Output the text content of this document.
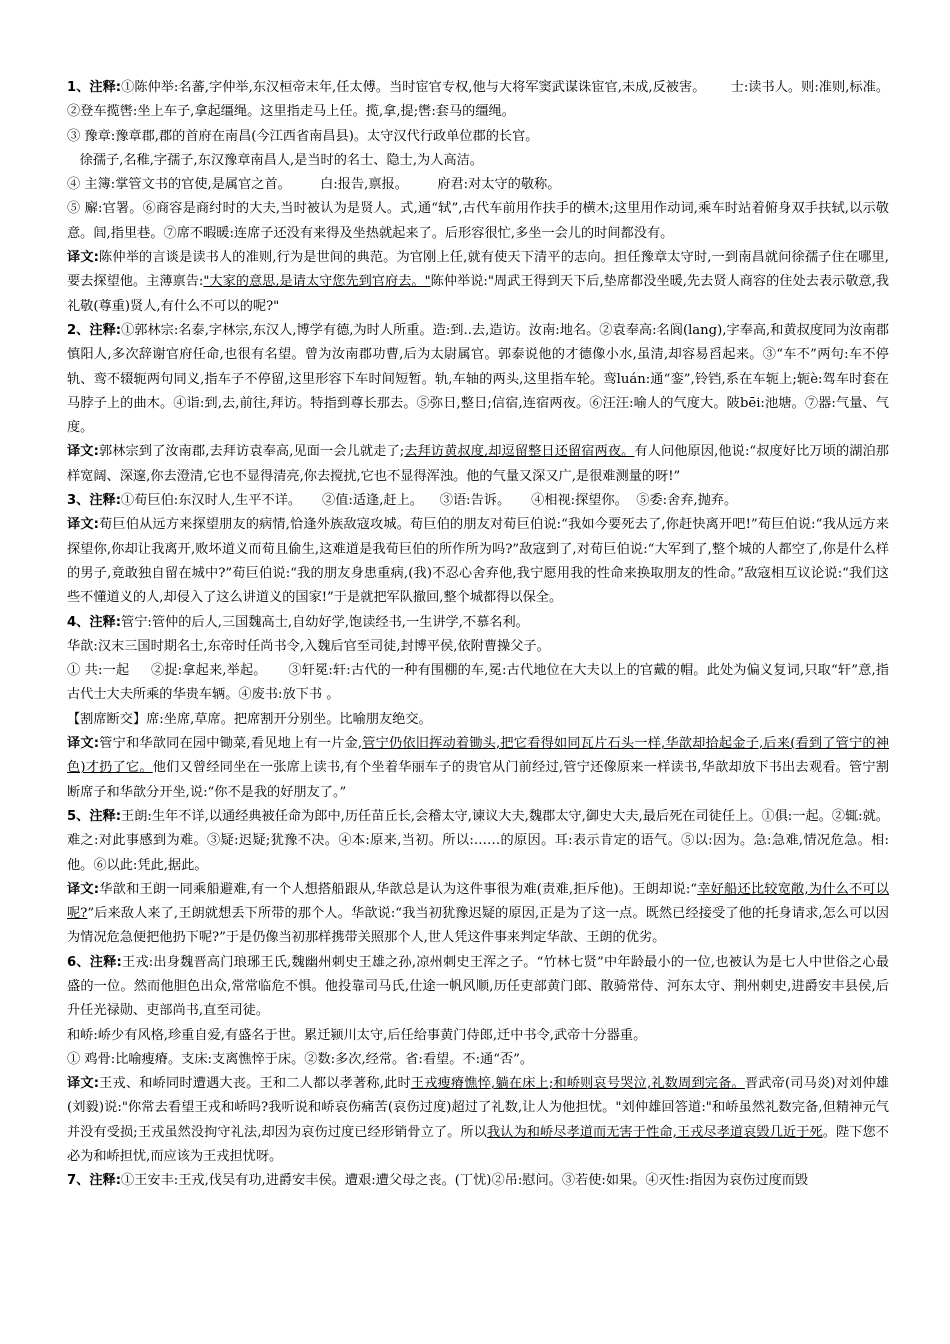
1、注释:①陈仲举:名蕃,字仲举,东汉桓帝末年,任太傅。当时宦官专权,他与大将军窦武谋诛宦官,未成,反被害。      士:读书人。则:准则,标准。②登车揽辔:坐上车子,拿起缰绳。这里指走马上任。揽,拿,提;辔:套马的缰绳。

③ 豫章:豫章郡,郡的首府在南昌(今江西省南昌县)。太守汉代行政单位郡的长官。

徐孺子,名稚,字孺子,东汉豫章南昌人,是当时的名士、隐士,为人高洁。

④ 主簿:掌管文书的官使,是属官之首。       白:报告,禀报。       府君:对太守的敬称。

⑤ 廨:官署。⑥商容是商纣时的大夫,当时被认为是贤人。式,通“轼”,古代车前用作扶手的横木;这里用作动词,乘车时站着俯身双手扶轼,以示敬意。闾,指里巷。⑦席不暇暖:连席子还没有来得及坐热就起来了。后形容很忙,多坐一会儿的时间都没有。

译文:陈仲举的言谈是读书人的准则,行为是世间的典范。为官刚上任,就有使天下清平的志向。担任豫章太守时,一到南昌就问徐孺子住在哪里,要去探望他。主薄禀告:"大家的意思,是请太守您先到官府去。"陈仲举说:"周武王得到天下后,垫席都没坐暖,先去贤人商容的住处去表示敬意,我礼敬(尊重)贤人,有什么不可以的呢?"

2、注释:①郭林宗:名泰,字林宗,东汉人,博学有德,为时人所重。造:到..去,造访。汝南:地名。②袁奉高:名阆(lang),字奉高,和黄叔度同为汝南郡慎阳人,多次辞谢官府任命,也很有名望。曾为汝南郡功曹,后为太尉属官。郭泰说他的才德像小水,虽清,却容易舀起来。③“车不”两句:车不停轨、鸾不辍轭两句同义,指车子不停留,这里形容下车时间短暂。轨,车轴的两头,这里指车轮。鸾luán:通“銮”,铃铛,系在车轭上;轭è:驾车时套在马脖子上的曲木。④诣:到,去,前往,拜访。特指到尊长那去。⑤弥日,整日;信宿,连宿两夜。⑥汪汪:喻人的气度大。陂bēi:池塘。⑦器:气量、气度。

译文:郭林宗到了汝南郡,去拜访袁奉高,见面一会儿就走了;去拜访黄叔度,却逗留整日还留宿两夜。有人问他原因,他说:“叔度好比万顷的湖泊那样宽阔、深邃,你去澄清,它也不显得清亮,你去搅扰,它也不显得浑浊。他的气量又深又广,是很难测量的呀!”

3、注释:①荀巨伯:东汉时人,生平不详。     ②值:适逢,赶上。    ③语:告诉。     ④相视:探望你。  ⑤委:舍弃,抛弃。

译文:荀巨伯从远方来探望朋友的病情,恰逢外族敌寇攻城。荀巨伯的朋友对荀巨伯说:“我如今要死去了,你赶快离开吧!”荀巨伯说:“我从远方来探望你,你却让我离开,败坏道义而荀且偷生,这难道是我荀巨伯的所作所为吗?”敌寇到了,对荀巨伯说:“大军到了,整个城的人都空了,你是什么样的男子,竟敢独自留在城中?”荀巨伯说:“我的朋友身患重病,(我)不忍心舍弃他,我宁愿用我的性命来换取朋友的性命。”敌寇相互议论说:“我们这些不懂道义的人,却侵入了这么讲道义的国家!”于是就把军队撤回,整个城都得以保全。

4、注释:管宁:管仲的后人,三国魏高士,自幼好学,饱读经书,一生讲学,不慕名利。

华歆:汉末三国时期名士,东帝时任尚书令,入魏后官至司徒,封博平侯,依附曹操父子。

① 共:一起     ②捉:拿起来,举起。     ③轩冕:轩:古代的一种有围棚的车,冕:古代地位在大夫以上的官戴的帽。此处为偏义复词,只取“轩”意,指古代士大夫所乘的华贵车辆。④废书:放下书 。

【割席断交】席:坐席,草席。把席割开分别坐。比喻朋友绝交。

译文:管宁和华歆同在园中锄菜,看见地上有一片金,管宁仍依旧挥动着锄头,把它看得如同瓦片石头一样,华歆却拾起金子,后来(看到了管宁的神色)才扔了它。他们又曾经同坐在一张席上读书,有个坐着华丽车子的贵官从门前经过,管宁还像原来一样读书,华歆却放下书出去观看。管宁割断席子和华歆分开坐,说:“你不是我的好朋友了。”

5、注释:王朗:生年不详,以通经典被任命为郎中,历任苗丘长,会稽太守,谏议大夫,魏郡太守,御史大夫,最后死在司徒任上。①俱:一起。②辄:就。难之:对此事感到为难。③疑:迟疑;犹豫不决。④本:原来,当初。所以:……的原因。耳:表示肯定的语气。⑤以:因为。急:急难,情况危急。相:他。⑥以此:凭此,据此。

译文:华歆和王朗一同乘船避难,有一个人想搭船跟从,华歆总是认为这件事很为难(责难,拒斥他)。王朗却说:“幸好船还比较宽敞,为什么不可以呢?”后来敌人来了,王朗就想丢下所带的那个人。华歆说:“我当初犹豫迟疑的原因,正是为了这一点。既然已经接受了他的托身请求,怎么可以因为情况危急便把他扔下呢?”于是仍像当初那样携带关照那个人,世人凭这件事来判定华歆、王朗的优劣。

6、注释:王戎:出身魏晋高门琅琊王氏,魏幽州刺史王雄之孙,凉州刺史王浑之子。“竹林七贤”中年龄最小的一位,也被认为是七人中世俗之心最盛的一位。然而他胆色出众,常常临危不惧。他投靠司马氏,仕途一帆风顺,历任吏部黄门郎、散骑常侍、河东太守、荆州刺史,进爵安丰县侯,后升任光禄勋、吏部尚书,直至司徒。

和峤:峤少有风格,珍重自爱,有盛名于世。累迁颍川太守,后任给事黄门侍郎,迁中书令,武帝十分器重。

① 鸡骨:比喻瘦瘠。支床:支离憔悴于床。②数:多次,经常。省:看望。不:通“否”。

译文:王戎、和峤同时遭遇大丧。王和二人都以孝著称,此时王戎瘦瘠憔悴,躺在床上;和峤则哀号哭泣,礼数周到完备。晋武帝(司马炎)对刘仲雄(刘毅)说:"你常去看望王戎和峤吗?我听说和峤哀伤痛苦(哀伤过度)超过了礼数,让人为他担忧。"刘仲雄回答道:"和峤虽然礼数完备,但精神元气并没有受损;王戎虽然没拘守礼法,却因为哀伤过度已经形销骨立了。所以我认为和峤尽孝道而无害于性命,王戎尽孝道哀毁几近于死。陛下您不必为和峤担忧,而应该为王戎担忧呀。

7、注释:①王安丰:王戎,伐吴有功,进爵安丰侯。遭艰:遭父母之丧。(丁忧)②吊:慰问。③若使:如果。④灭性:指因为哀伤过度而毁
